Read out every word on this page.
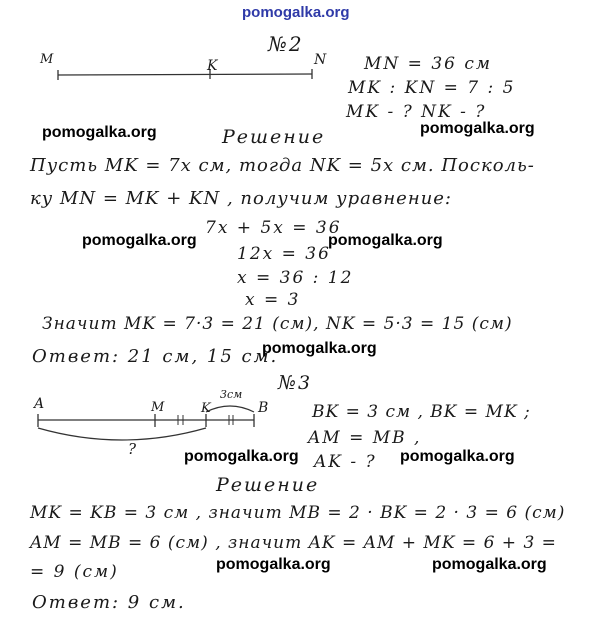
pomogalka.org
№2
M	K	N MN = 36 см
MK : KN = 7 : 5
MK - ? NK - ?
pomogalka.org	pomogalka.org
Решение
Пусть MK = 7x см, тогда NK = 5x см. Посколь-
ку MN = MK + KN , получим уравнение:
pomogalka.org	pomogalka.org
7x + 5x = 36
12x = 36
x = 36 : 12
x = 3
Значит MK = 7·3 = 21 (см), NK = 5·3 = 15 (см)
Ответ: 21 см, 15 см.
pomogalka.org
№3
A	M	K	B
3см
?
BK = 3 см , BK = MK ;
AM = MB ,
AK - ?
pomogalka.org	pomogalka.org
Решение
MK = KB = 3 см , значит MB = 2 · BK = 2 · 3 = 6 (см)
AM = MB = 6 (см) , значит AK = AM + MK = 6 + 3 =
= 9 (см)	pomogalka.org	pomogalka.org
Ответ: 9 см.
